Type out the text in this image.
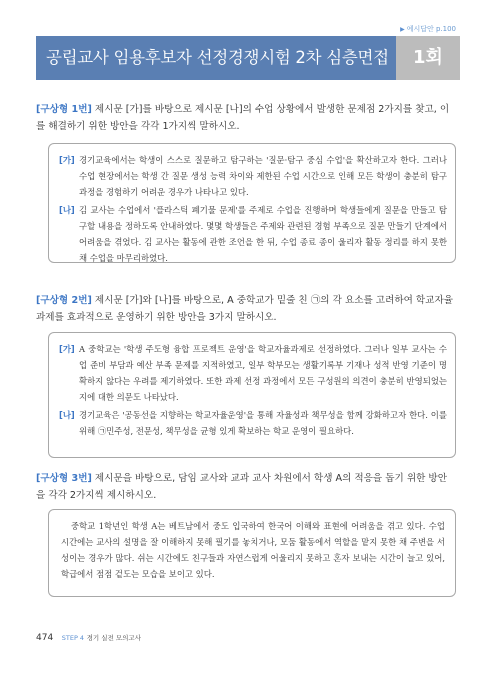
▶ 예시답안 p.100
공립교사 임용후보자 선정경쟁시험 2차 심층면접	1회
[구상형 1번] 제시문 [가]를 바탕으로 제시문 [나]의 수업 상황에서 발생한 문제점 2가지를 찾고, 이를 해결하기 위한 방안을 각각 1가지씩 말하시오.
[가] 경기교육에서는 학생이 스스로 질문하고 탐구하는 '질문·탐구 중심 수업'을 확산하고자 한다. 그러나 수업 현장에서는 학생 간 질문 생성 능력 차이와 제한된 수업 시간으로 인해 모든 학생이 충분히 탐구 과정을 경험하기 어려운 경우가 나타나고 있다.
[나] 김 교사는 수업에서 '플라스틱 폐기물 문제'를 주제로 수업을 진행하며 학생들에게 질문을 만들고 탐구할 내용을 정하도록 안내하였다. 몇몇 학생들은 주제와 관련된 경험 부족으로 질문 만들기 단계에서 어려움을 겪었다. 김 교사는 활동에 관한 조언을 한 뒤, 수업 종료 종이 울리자 활동 정리를 하지 못한 채 수업을 마무리하였다.
[구상형 2번] 제시문 [가]와 [나]를 바탕으로, A 중학교가 밑줄 친 ㉠의 각 요소를 고려하여 학교자율과제를 효과적으로 운영하기 위한 방안을 3가지 말하시오.
[가] A 중학교는 '학생 주도형 융합 프로젝트 운영'을 학교자율과제로 선정하였다. 그러나 일부 교사는 수업 준비 부담과 예산 부족 문제를 지적하였고, 일부 학부모는 생활기록부 기재나 성적 반영 기준이 명확하지 않다는 우려를 제기하였다. 또한 과제 선정 과정에서 모든 구성원의 의견이 충분히 반영되었는지에 대한 의문도 나타났다.
[나] 경기교육은 '공동선을 지향하는 학교자율운영'을 통해 자율성과 책무성을 함께 강화하고자 한다. 이를 위해 ㉠민주성, 전문성, 책무성을 균형 있게 확보하는 학교 운영이 필요하다.
[구상형 3번] 제시문을 바탕으로, 담임 교사와 교과 교사 차원에서 학생 A의 적응을 돕기 위한 방안을 각각 2가지씩 제시하시오.
중학교 1학년인 학생 A는 베트남에서 중도 입국하여 한국어 이해와 표현에 어려움을 겪고 있다. 수업 시간에는 교사의 설명을 잘 이해하지 못해 필기를 놓치거나, 모둠 활동에서 역할을 맡지 못한 채 주변을 서성이는 경우가 많다. 쉬는 시간에도 친구들과 자연스럽게 어울리지 못하고 혼자 보내는 시간이 늘고 있어, 학급에서 점점 겉도는 모습을 보이고 있다.
474 STEP 4 경기 실전 모의고사
